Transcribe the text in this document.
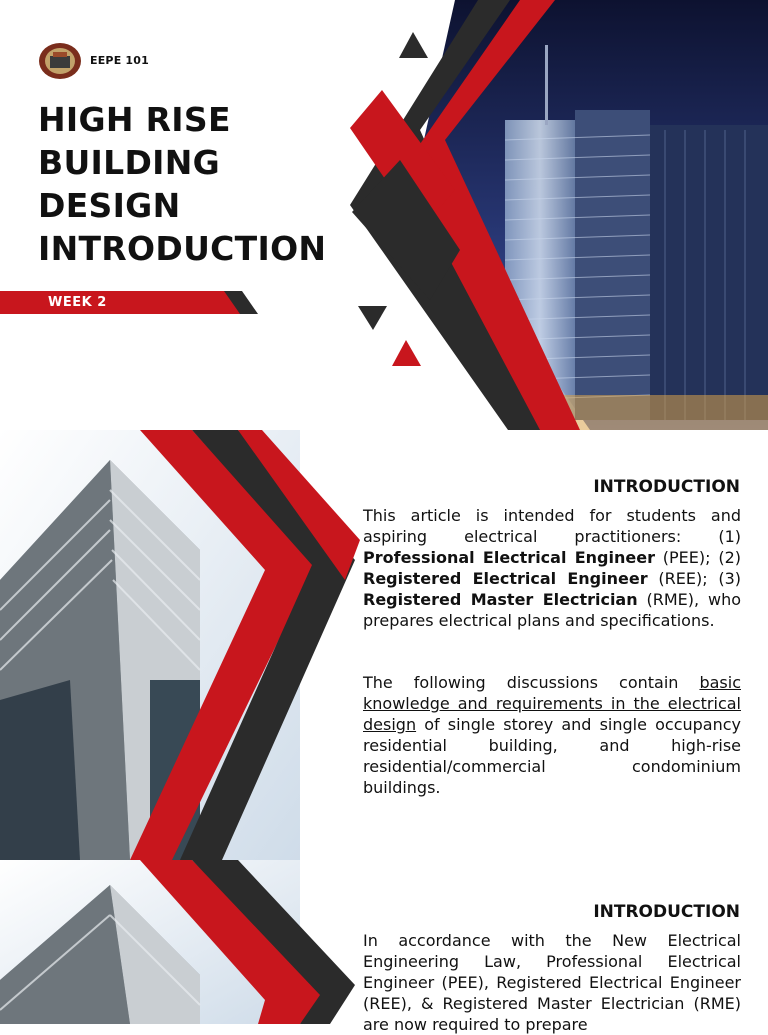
EEPE 101
HIGH RISE
BUILDING
DESIGN
INTRODUCTION
WEEK 2
INTRODUCTION
This article is intended for students and aspiring electrical practitioners: (1) Professional Electrical Engineer (PEE); (2) Registered Electrical Engineer (REE); (3) Registered Master Electrician (RME), who prepares electrical plans and specifications.
The following discussions contain basic knowledge and requirements in the electrical design of single storey and single occupancy residential building, and high-rise residential/commercial condominium buildings.
INTRODUCTION
In accordance with the New Electrical Engineering Law, Professional Electrical Engineer (PEE), Registered Electrical Engineer (REE), & Registered Master Electrician (RME) are now required to prepare
